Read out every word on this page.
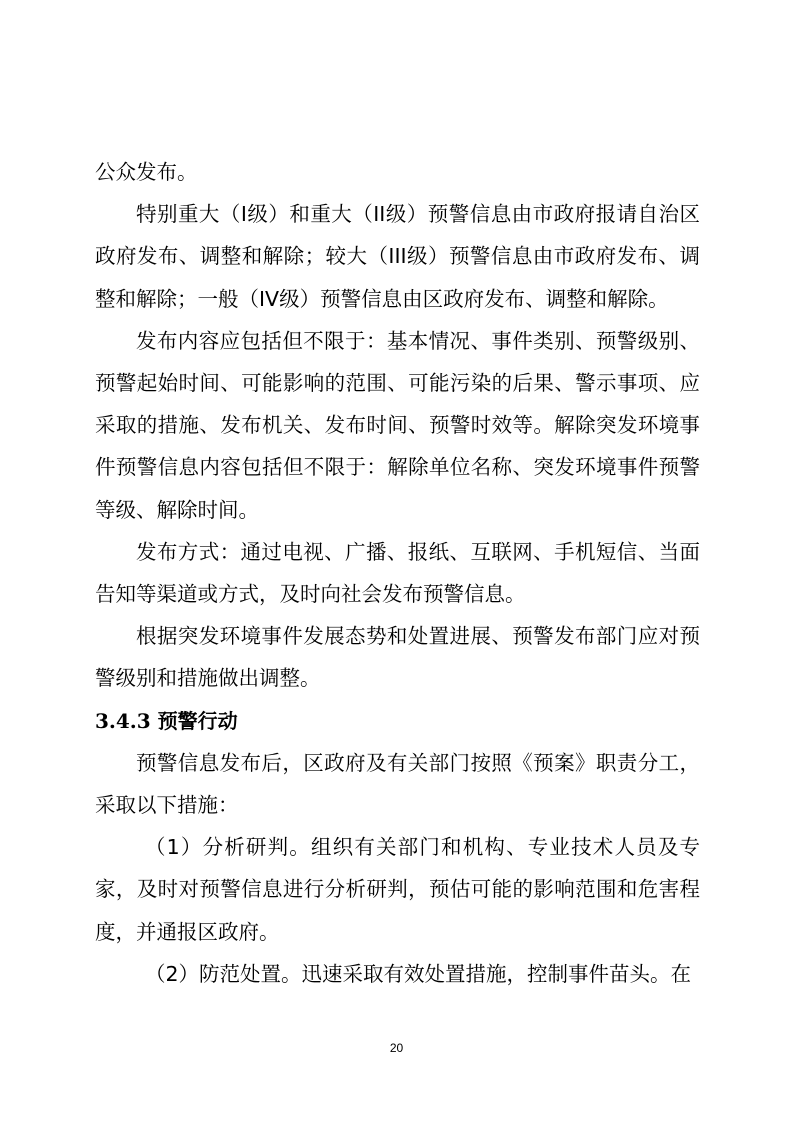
公众发布。

特别重大（I级）和重大（II级）预警信息由市政府报请自治区政府发布、调整和解除；较大（III级）预警信息由市政府发布、调整和解除；一般（IV级）预警信息由区政府发布、调整和解除。

发布内容应包括但不限于：基本情况、事件类别、预警级别、预警起始时间、可能影响的范围、可能污染的后果、警示事项、应采取的措施、发布机关、发布时间、预警时效等。解除突发环境事件预警信息内容包括但不限于：解除单位名称、突发环境事件预警等级、解除时间。

发布方式：通过电视、广播、报纸、互联网、手机短信、当面告知等渠道或方式，及时向社会发布预警信息。

根据突发环境事件发展态势和处置进展、预警发布部门应对预警级别和措施做出调整。

3.4.3 预警行动

预警信息发布后，区政府及有关部门按照《预案》职责分工，采取以下措施：

（1）分析研判。组织有关部门和机构、专业技术人员及专家，及时对预警信息进行分析研判，预估可能的影响范围和危害程度，并通报区政府。

（2）防范处置。迅速采取有效处置措施，控制事件苗头。在

20
